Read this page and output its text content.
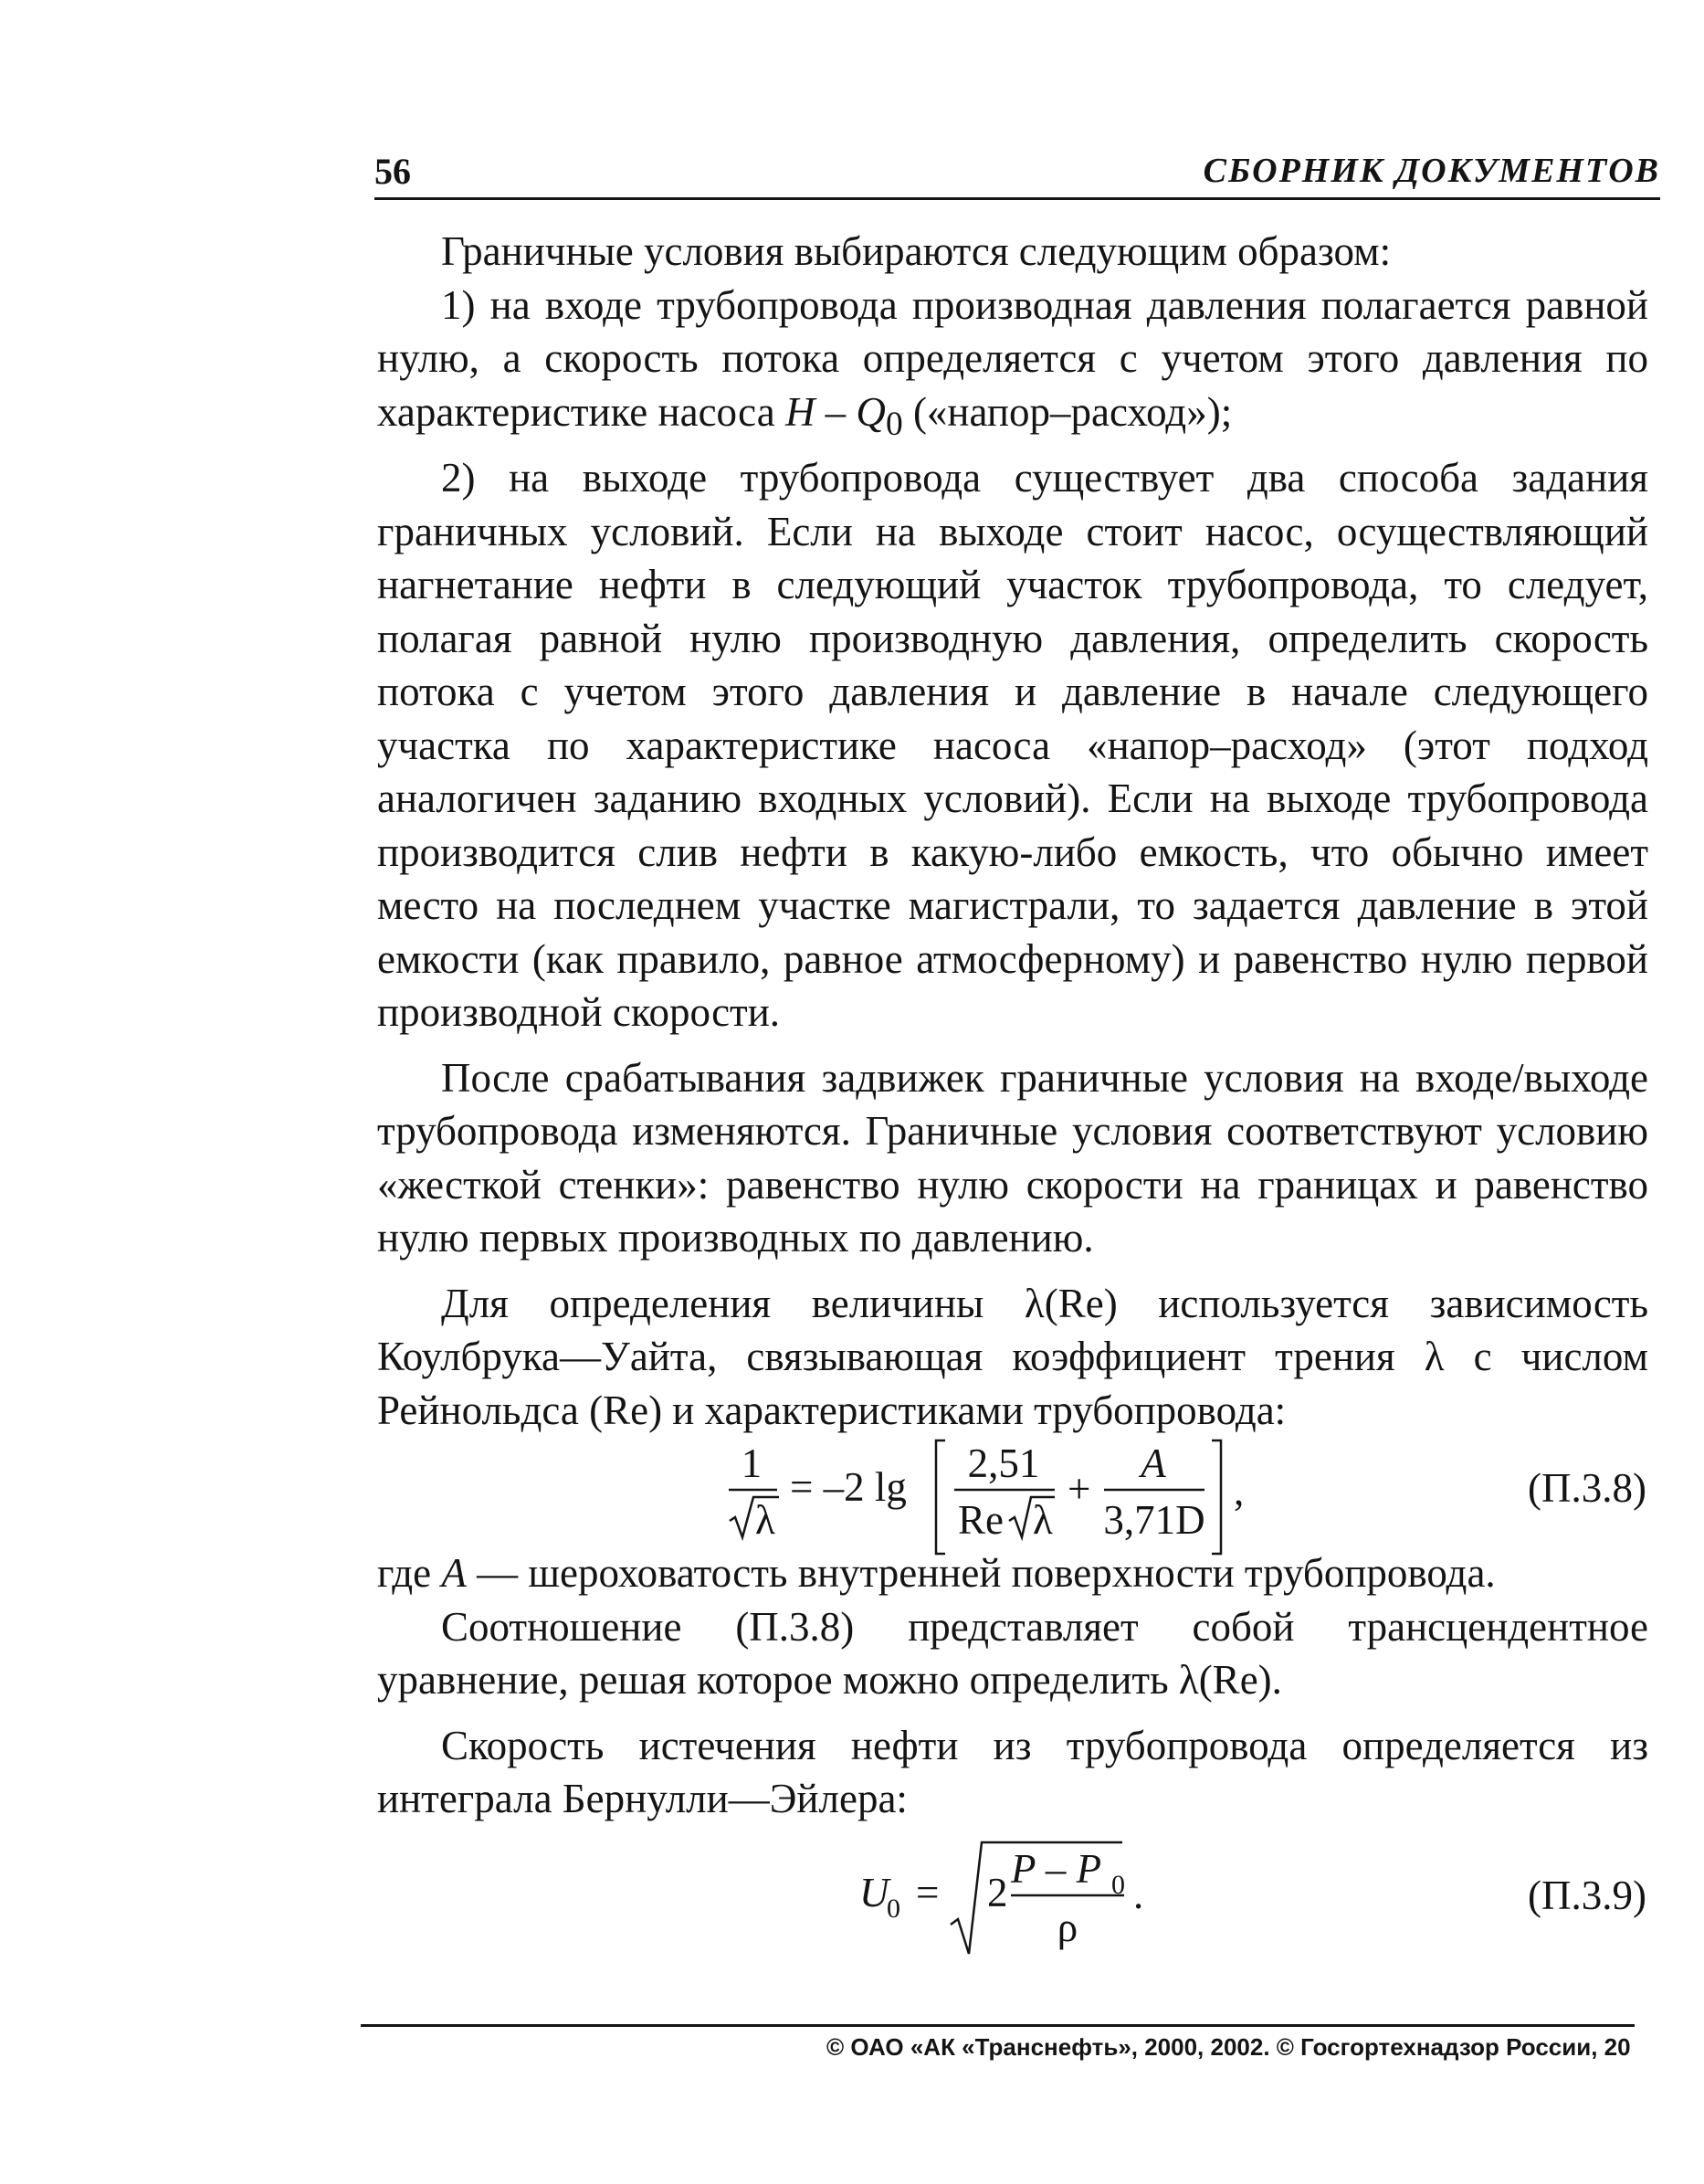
56	СБОРНИК ДОКУМЕНТОВ

Граничные условия выбираются следующим образом:

1) на входе трубопровода производная давления полагается равной нулю, а скорость потока определяется с учетом этого давления по характеристике насоса H – $Q_0$ («напор–расход»);

2) на выходе трубопровода существует два способа задания граничных условий. Если на выходе стоит насос, осуществляющий нагнетание нефти в следующий участок трубопровода, то следует, полагая равной нулю производную давления, определить скорость потока с учетом этого давления и давление в начале следующего участка по характеристике насоса «напор–расход» (этот подход аналогичен заданию входных условий). Если на выходе трубопровода производится слив нефти в какую-либо емкость, что обычно имеет место на последнем участке магистрали, то задается давление в этой емкости (как правило, равное атмосферному) и равенство нулю первой производной скорости.

После срабатывания задвижек граничные условия на входе/выходе трубопровода изменяются. Граничные условия соответствуют условию «жесткой стенки»: равенство нулю скорости на границах и равенство нулю первых производных по давлению.

Для определения величины λ(Re) используется зависимость Коулбрука—Уайта, связывающая коэффициент трения λ с числом Рейнольдса (Re) и характеристиками трубопровода:

1
λ
= –2 lg
2,51
Re λ
+
A
3,71D
,	(П.3.8)

где A — шероховатость внутренней поверхности трубопровода.

Соотношение (П.3.8) представляет собой трансцендентное уравнение, решая которое можно определить λ(Re).

Скорость истечения нефти из трубопровода определяется из интеграла Бернулли—Эйлера:

U
0 = 2
P – P 0
ρ
.	(П.3.9)
© ОАО «АК «Транснефть», 2000, 2002. © Госгортехнадзор России, 20
